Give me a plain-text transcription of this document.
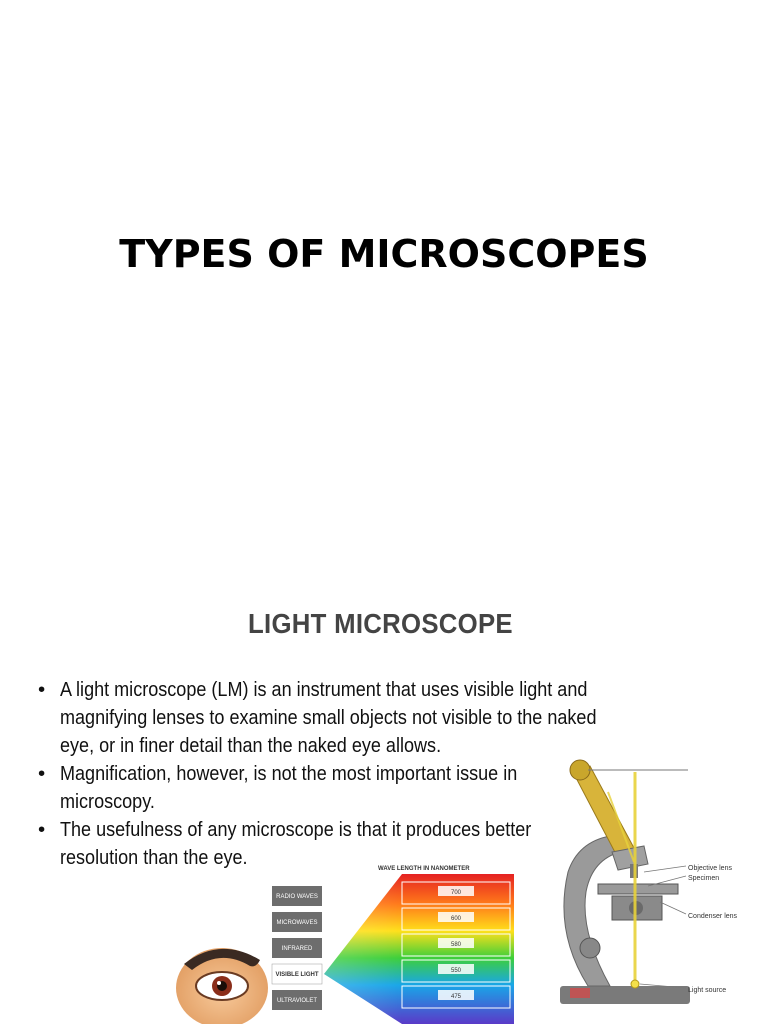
TYPES OF MICROSCOPES
LIGHT MICROSCOPE
• A light microscope (LM) is an instrument that uses visible light and
magnifying lenses to examine small objects not visible to the naked
eye, or in finer detail than the naked eye allows.
• Magnification, however, is not the most important issue in
microscopy.
• The usefulness of any microscope is that it produces better
resolution than the eye.	WAVE LENGTH IN NANOMETER
RADIO WAVES
MICROWAVES
INFRARED
VISIBLE LIGHT
ULTRAVIOLET
700
600
580
550
475
Objective lens
Specimen
Condenser lens
Light source
